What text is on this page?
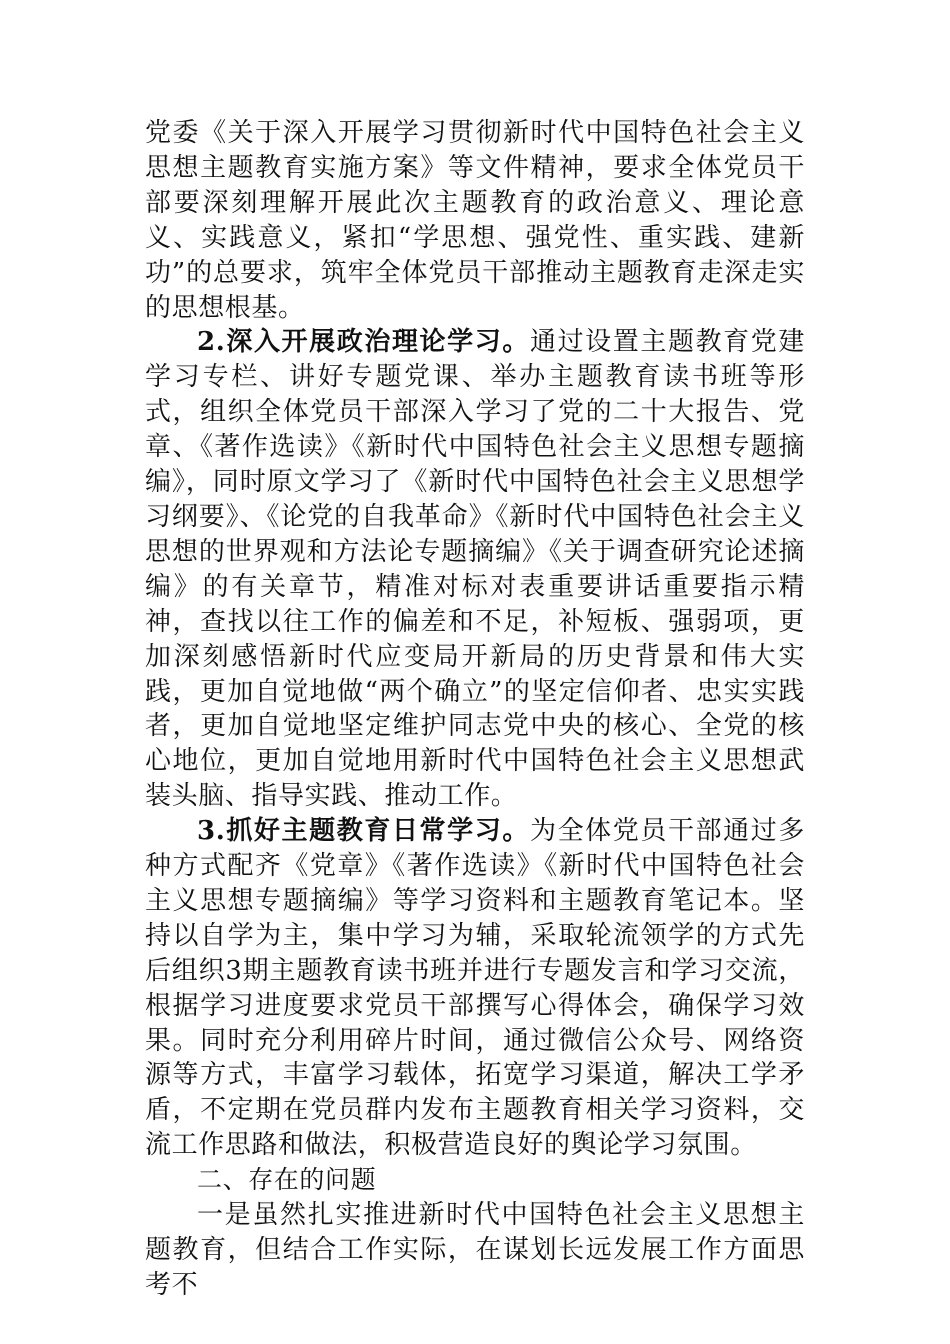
党委《关于深入开展学习贯彻新时代中国特色社会主义思想主题教育实施方案》等文件精神，要求全体党员干部要深刻理解开展此次主题教育的政治意义、理论意义、实践意义，紧扣“学思想、强党性、重实践、建新功”的总要求，筑牢全体党员干部推动主题教育走深走实的思想根基。

2.深入开展政治理论学习。通过设置主题教育党建学习专栏、讲好专题党课、举办主题教育读书班等形式，组织全体党员干部深入学习了党的二十大报告、党章、《著作选读》《新时代中国特色社会主义思想专题摘编》，同时原文学习了《新时代中国特色社会主义思想学习纲要》、《论党的自我革命》《新时代中国特色社会主义思想的世界观和方法论专题摘编》《关于调查研究论述摘编》的有关章节，精准对标对表重要讲话重要指示精神，查找以往工作的偏差和不足，补短板、强弱项，更加深刻感悟新时代应变局开新局的历史背景和伟大实践，更加自觉地做“两个确立”的坚定信仰者、忠实实践者，更加自觉地坚定维护同志党中央的核心、全党的核心地位，更加自觉地用新时代中国特色社会主义思想武装头脑、指导实践、推动工作。

3.抓好主题教育日常学习。为全体党员干部通过多种方式配齐《党章》《著作选读》《新时代中国特色社会主义思想专题摘编》等学习资料和主题教育笔记本。坚持以自学为主，集中学习为辅，采取轮流领学的方式先后组织3期主题教育读书班并进行专题发言和学习交流，根据学习进度要求党员干部撰写心得体会，确保学习效果。同时充分利用碎片时间，通过微信公众号、网络资源等方式，丰富学习载体，拓宽学习渠道，解决工学矛盾，不定期在党员群内发布主题教育相关学习资料，交流工作思路和做法，积极营造良好的舆论学习氛围。

二、存在的问题

一是虽然扎实推进新时代中国特色社会主义思想主题教育，但结合工作实际，在谋划长远发展工作方面思考不
